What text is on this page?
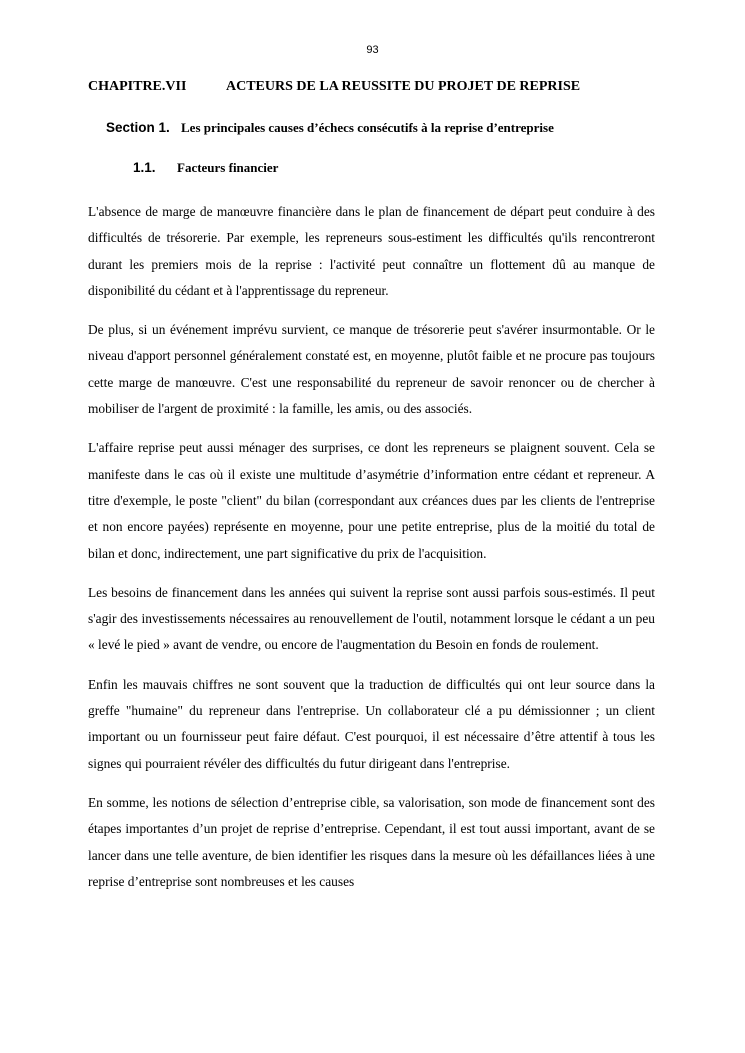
93
CHAPITRE.VII	ACTEURS DE LA REUSSITE DU PROJET DE REPRISE
Section 1. Les principales causes d’échecs consécutifs à la reprise d’entreprise
1.1. Facteurs financier

L'absence de marge de manœuvre financière dans le plan de financement de départ peut conduire à des difficultés de trésorerie. Par exemple, les repreneurs sous-estiment les difficultés qu'ils rencontreront durant les premiers mois de la reprise : l'activité peut connaître un flottement dû au manque de disponibilité du cédant et à l'apprentissage du repreneur.

De plus, si un événement imprévu survient, ce manque de trésorerie peut s'avérer insurmontable. Or le niveau d'apport personnel généralement constaté est, en moyenne, plutôt faible et ne procure pas toujours cette marge de manœuvre. C'est une responsabilité du repreneur de savoir renoncer ou de chercher à mobiliser de l'argent de proximité : la famille, les amis, ou des associés.

L'affaire reprise peut aussi ménager des surprises, ce dont les repreneurs se plaignent souvent. Cela se manifeste dans le cas où il existe une multitude d’asymétrie d’information entre cédant et repreneur. A titre d'exemple, le poste "client" du bilan (correspondant aux créances dues par les clients de l'entreprise et non encore payées) représente en moyenne, pour une petite entreprise, plus de la moitié du total de bilan et donc, indirectement, une part significative du prix de l'acquisition.

Les besoins de financement dans les années qui suivent la reprise sont aussi parfois sous-estimés. Il peut s'agir des investissements nécessaires au renouvellement de l'outil, notamment lorsque le cédant a un peu « levé le pied » avant de vendre, ou encore de l'augmentation du Besoin en fonds de roulement.

Enfin les mauvais chiffres ne sont souvent que la traduction de difficultés qui ont leur source dans la greffe "humaine" du repreneur dans l'entreprise. Un collaborateur clé a pu démissionner ; un client important ou un fournisseur peut faire défaut. C'est pourquoi, il est nécessaire d’être attentif à tous les signes qui pourraient révéler des difficultés du futur dirigeant dans l'entreprise.

En somme, les notions de sélection d’entreprise cible, sa valorisation, son mode de financement sont des étapes importantes d’un projet de reprise d’entreprise. Cependant, il est tout aussi important, avant de se lancer dans une telle aventure, de bien identifier les risques dans la mesure où les défaillances liées à une reprise d’entreprise sont nombreuses et les causes
